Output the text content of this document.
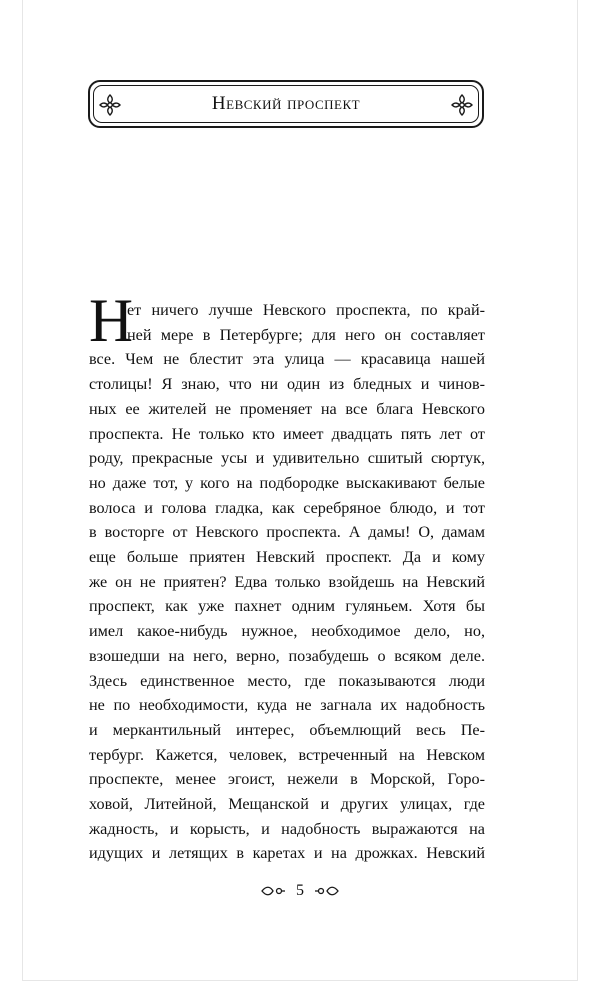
Невский проспект
Н
ет ничего лучше Невского проспекта, по край-
ней мере в Петербурге; для него он составляет
все. Чем не блестит эта улица — красавица нашей
столицы! Я знаю, что ни один из бледных и чинов-
ных ее жителей не променяет на все блага Невского
проспекта. Не только кто имеет двадцать пять лет от
роду, прекрасные усы и удивительно сшитый сюртук,
но даже тот, у кого на подбородке выскакивают белые
волоса и голова гладка, как серебряное блюдо, и тот
в восторге от Невского проспекта. А дамы! О, дамам
еще больше приятен Невский проспект. Да и кому
же он не приятен? Едва только взойдешь на Невский
проспект, как уже пахнет одним гуляньем. Хотя бы
имел какое-нибудь нужное, необходимое дело, но,
взошедши на него, верно, позабудешь о всяком деле.
Здесь единственное место, где показываются люди
не по необходимости, куда не загнала их надобность
и меркантильный интерес, объемлющий весь Пе-
тербург. Кажется, человек, встреченный на Невском
проспекте, менее эгоист, нежели в Морской, Горо-
ховой, Литейной, Мещанской и других улицах, где
жадность, и корысть, и надобность выражаются на
идущих и летящих в каретах и на дрожках. Невский
5
